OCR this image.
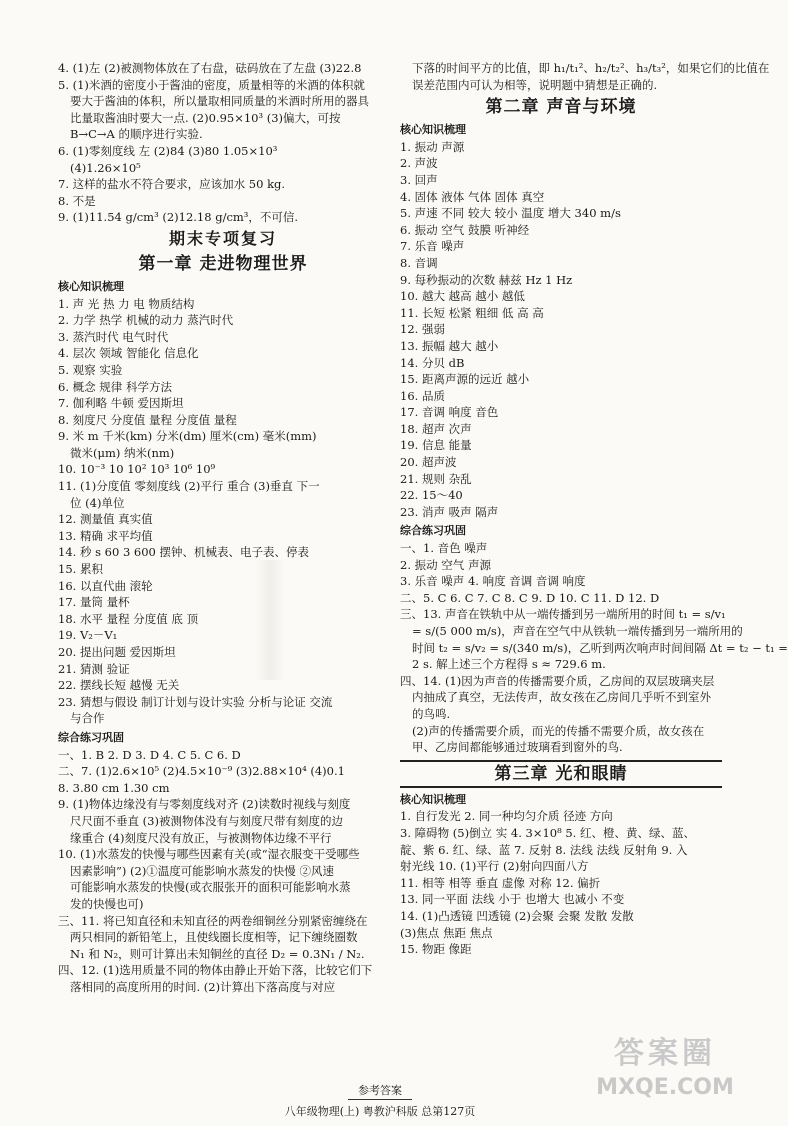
4. (1)左 (2)被测物体放在了右盘，砝码放在了左盘 (3)22.8
5. (1)米酒的密度小于酱油的密度，质量相等的米酒的体积就
要大于酱油的体积，所以量取相同质量的米酒时所用的器具
比量取酱油时要大一点. (2)0.95×10³ (3)偏大，可按
B→C→A 的顺序进行实验.
6. (1)零刻度线 左 (2)84 (3)80 1.05×10³
(4)1.26×10⁵
7. 这样的盐水不符合要求，应该加水 50 kg.
8. 不是
9. (1)11.54 g/cm³ (2)12.18 g/cm³，不可信.
期末专项复习
第一章 走进物理世界
核心知识梳理
1. 声 光 热 力 电 物质结构
2. 力学 热学 机械的动力 蒸汽时代
3. 蒸汽时代 电气时代
4. 层次 领域 智能化 信息化
5. 观察 实验
6. 概念 规律 科学方法
7. 伽利略 牛顿 爱因斯坦
8. 刻度尺 分度值 量程 分度值 量程
9. 米 m 千米(km) 分米(dm) 厘米(cm) 毫米(mm)
微米(μm) 纳米(nm)
10. 10⁻³ 10 10² 10³ 10⁶ 10⁹
11. (1)分度值 零刻度线 (2)平行 重合 (3)垂直 下一
位 (4)单位
12. 测量值 真实值
13. 精确 求平均值
14. 秒 s 60 3 600 摆钟、机械表、电子表、停表
15. 累积
16. 以直代曲 滚轮
17. 量筒 量杯
18. 水平 量程 分度值 底 顶
19. V₂－V₁
20. 提出问题 爱因斯坦
21. 猜测 验证
22. 摆线长短 越慢 无关
23. 猜想与假设 制订计划与设计实验 分析与论证 交流
与合作
综合练习巩固
一、1. B 2. D 3. D 4. C 5. C 6. D
二、7. (1)2.6×10⁵ (2)4.5×10⁻⁹ (3)2.88×10⁴ (4)0.1
8. 3.80 cm 1.30 cm
9. (1)物体边缘没有与零刻度线对齐 (2)读数时视线与刻度
尺尺面不垂直 (3)被测物体没有与刻度尺带有刻度的边
缘重合 (4)刻度尺没有放正，与被测物体边缘不平行
10. (1)水蒸发的快慢与哪些因素有关(或“湿衣服变干受哪些
因素影响”) (2)①温度可能影响水蒸发的快慢 ②风速
可能影响水蒸发的快慢(或衣服张开的面积可能影响水蒸
发的快慢也可)
三、11. 将已知直径和未知直径的两卷细铜丝分别紧密缠绕在
两只相同的新铅笔上，且使线圈长度相等，记下缠绕圈数
N₁ 和 N₂，则可计算出未知铜丝的直径 D₂ = 0.3N₁ / N₂.
四、12. (1)选用质量不同的物体由静止开始下落，比较它们下
落相同的高度所用的时间. (2)计算出下落高度与对应
下落的时间平方的比值，即 h₁/t₁²、h₂/t₂²、h₃/t₃²，如果它们的比值在
误差范围内可认为相等，说明题中猜想是正确的.
第二章 声音与环境
核心知识梳理
1. 振动 声源
2. 声波
3. 回声
4. 固体 液体 气体 固体 真空
5. 声速 不同 较大 较小 温度 增大 340 m/s
6. 振动 空气 鼓膜 听神经
7. 乐音 噪声
8. 音调
9. 每秒振动的次数 赫兹 Hz 1 Hz
10. 越大 越高 越小 越低
11. 长短 松紧 粗细 低 高 高
12. 强弱
13. 振幅 越大 越小
14. 分贝 dB
15. 距离声源的远近 越小
16. 品质
17. 音调 响度 音色
18. 超声 次声
19. 信息 能量
20. 超声波
21. 规则 杂乱
22. 15～40
23. 消声 吸声 隔声
综合练习巩固
一、1. 音色 噪声
2. 振动 空气 声源
3. 乐音 噪声 4. 响度 音调 音调 响度
二、5. C 6. C 7. C 8. C 9. D 10. C 11. D 12. D
三、13. 声音在铁轨中从一端传播到另一端所用的时间 t₁ = s/v₁
= s/(5 000 m/s)，声音在空气中从铁轨一端传播到另一端所用的
时间 t₂ = s/v₂ = s/(340 m/s)，乙听到两次响声时间间隔 Δt = t₂ − t₁ =
2 s. 解上述三个方程得 s ≈ 729.6 m.
四、14. (1)因为声音的传播需要介质，乙房间的双层玻璃夹层
内抽成了真空，无法传声，故女孩在乙房间几乎听不到室外
的鸟鸣.
(2)声的传播需要介质，而光的传播不需要介质，故女孩在
甲、乙房间都能够通过玻璃看到窗外的鸟.
第三章 光和眼睛
核心知识梳理
1. 自行发光 2. 同一种均匀介质 径迹 方向
3. 障碍物 (5)倒立 实 4. 3×10⁸ 5. 红、橙、黄、绿、蓝、
靛、紫 6. 红、绿、蓝 7. 反射 8. 法线 法线 反射角 9. 入
射光线 10. (1)平行 (2)射向四面八方
11. 相等 相等 垂直 虚像 对称 12. 偏折
13. 同一平面 法线 小于 也增大 也减小 不变
14. (1)凸透镜 凹透镜 (2)会聚 会聚 发散 发散
(3)焦点 焦距 焦点
15. 物距 像距
参考答案
八年级物理(上) 粤教沪科版 总第127页
答案圈
MXQE.COM
